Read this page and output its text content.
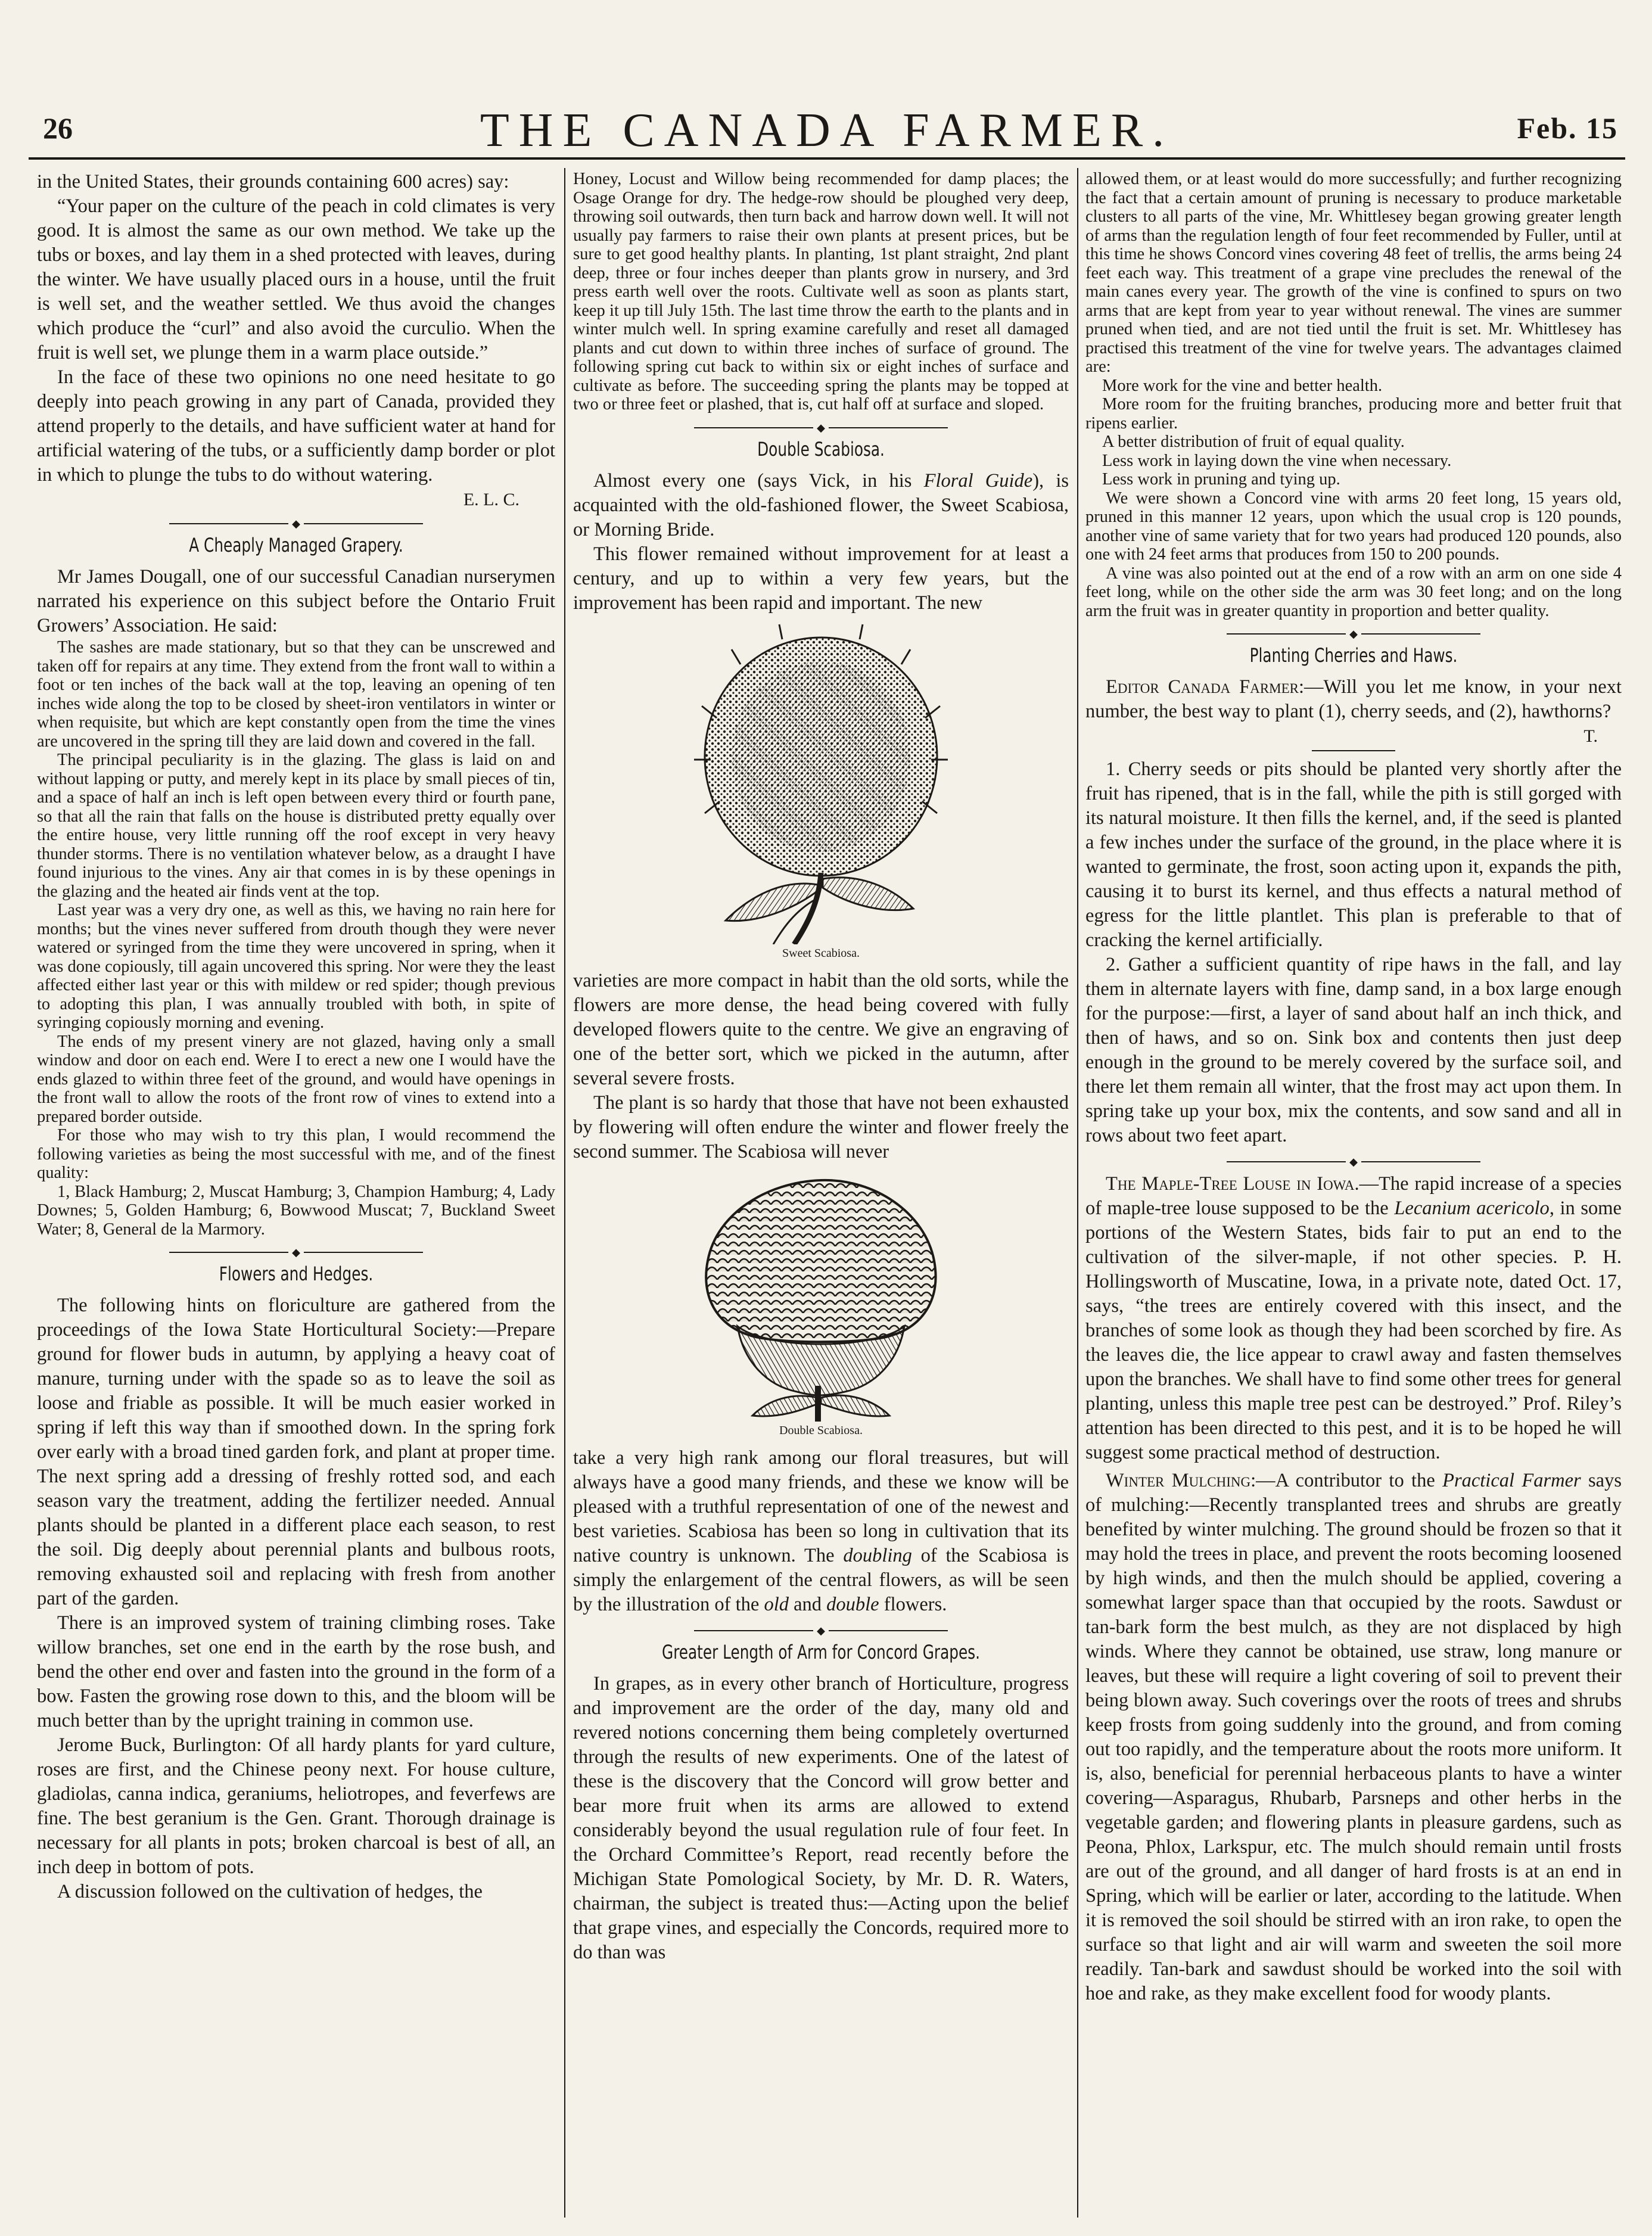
26	THE CANADA FARMER.	Feb. 15

in the United States, their grounds containing 600 acres) say:

“Your paper on the culture of the peach in cold climates is very good. It is almost the same as our own method. We take up the tubs or boxes, and lay them in a shed protected with leaves, during the winter. We have usually placed ours in a house, until the fruit is well set, and the weather settled. We thus avoid the changes which produce the “curl” and also avoid the curculio. When the fruit is well set, we plunge them in a warm place outside.”

In the face of these two opinions no one need hesitate to go deeply into peach growing in any part of Canada, provided they attend properly to the details, and have sufficient water at hand for artificial watering of the tubs, or a sufficiently damp border or plot in which to plunge the tubs to do without watering.

E. L. C.
◆
A Cheaply Managed Grapery.

Mr James Dougall, one of our successful Canadian nurserymen narrated his experience on this subject before the Ontario Fruit Growers’ Association. He said:

The sashes are made stationary, but so that they can be unscrewed and taken off for repairs at any time. They extend from the front wall to within a foot or ten inches of the back wall at the top, leaving an opening of ten inches wide along the top to be closed by sheet-iron ventilators in winter or when requisite, but which are kept constantly open from the time the vines are uncovered in the spring till they are laid down and covered in the fall.

The principal peculiarity is in the glazing. The glass is laid on and without lapping or putty, and merely kept in its place by small pieces of tin, and a space of half an inch is left open between every third or fourth pane, so that all the rain that falls on the house is distributed pretty equally over the entire house, very little running off the roof except in very heavy thunder storms. There is no ventilation whatever below, as a draught I have found injurious to the vines. Any air that comes in is by these openings in the glazing and the heated air finds vent at the top.

Last year was a very dry one, as well as this, we having no rain here for months; but the vines never suffered from drouth though they were never watered or syringed from the time they were uncovered in spring, when it was done copiously, till again uncovered this spring. Nor were they the least affected either last year or this with mildew or red spider; though previous to adopting this plan, I was annually troubled with both, in spite of syringing copiously morning and evening.

The ends of my present vinery are not glazed, having only a small window and door on each end. Were I to erect a new one I would have the ends glazed to within three feet of the ground, and would have openings in the front wall to allow the roots of the front row of vines to extend into a prepared border outside.

For those who may wish to try this plan, I would recommend the following varieties as being the most successful with me, and of the finest quality:

1, Black Hamburg; 2, Muscat Hamburg; 3, Champion Hamburg; 4, Lady Downes; 5, Golden Hamburg; 6, Bowwood Muscat; 7, Buckland Sweet Water; 8, General de la Marmory.

◆
Flowers and Hedges.

The following hints on floriculture are gathered from the proceedings of the Iowa State Horticultural Society:—Prepare ground for flower buds in autumn, by applying a heavy coat of manure, turning under with the spade so as to leave the soil as loose and friable as possible. It will be much easier worked in spring if left this way than if smoothed down. In the spring fork over early with a broad tined garden fork, and plant at proper time. The next spring add a dressing of freshly rotted sod, and each season vary the treatment, adding the fertilizer needed. Annual plants should be planted in a different place each season, to rest the soil. Dig deeply about perennial plants and bulbous roots, removing exhausted soil and replacing with fresh from another part of the garden.

There is an improved system of training climbing roses. Take willow branches, set one end in the earth by the rose bush, and bend the other end over and fasten into the ground in the form of a bow. Fasten the growing rose down to this, and the bloom will be much better than by the upright training in common use.

Jerome Buck, Burlington: Of all hardy plants for yard culture, roses are first, and the Chinese peony next. For house culture, gladiolas, canna indica, geraniums, heliotropes, and feverfews are fine. The best geranium is the Gen. Grant. Thorough drainage is necessary for all plants in pots; broken charcoal is best of all, an inch deep in bottom of pots.

A discussion followed on the cultivation of hedges, the

Honey, Locust and Willow being recommended for damp places; the Osage Orange for dry. The hedge-row should be ploughed very deep, throwing soil outwards, then turn back and harrow down well. It will not usually pay farmers to raise their own plants at present prices, but be sure to get good healthy plants. In planting, 1st plant straight, 2nd plant deep, three or four inches deeper than plants grow in nursery, and 3rd press earth well over the roots. Cultivate well as soon as plants start, keep it up till July 15th. The last time throw the earth to the plants and in winter mulch well. In spring examine carefully and reset all damaged plants and cut down to within three inches of surface of ground. The following spring cut back to within six or eight inches of surface and cultivate as before. The succeeding spring the plants may be topped at two or three feet or plashed, that is, cut half off at surface and sloped.

◆
Double Scabiosa.

Almost every one (says Vick, in his Floral Guide), is acquainted with the old-fashioned flower, the Sweet Scabiosa, or Morning Bride.

This flower remained without improvement for at least a century, and up to within a very few years, but the improvement has been rapid and important. The new

Sweet Scabiosa.

varieties are more compact in habit than the old sorts, while the flowers are more dense, the head being covered with fully developed flowers quite to the centre. We give an engraving of one of the better sort, which we picked in the autumn, after several severe frosts.

The plant is so hardy that those that have not been exhausted by flowering will often endure the winter and flower freely the second summer. The Scabiosa will never

Double Scabiosa.

take a very high rank among our floral treasures, but will always have a good many friends, and these we know will be pleased with a truthful representation of one of the newest and best varieties. Scabiosa has been so long in cultivation that its native country is unknown. The doubling of the Scabiosa is simply the enlargement of the central flowers, as will be seen by the illustration of the old and double flowers.

◆
Greater Length of Arm for Concord Grapes.

In grapes, as in every other branch of Horticulture, progress and improvement are the order of the day, many old and revered notions concerning them being completely overturned through the results of new experiments. One of the latest of these is the discovery that the Concord will grow better and bear more fruit when its arms are allowed to extend considerably beyond the usual regulation rule of four feet. In the Orchard Committee’s Report, read recently before the Michigan State Pomological Society, by Mr. D. R. Waters, chairman, the subject is treated thus:—Acting upon the belief that grape vines, and especially the Concords, required more to do than was

allowed them, or at least would do more successfully; and further recognizing the fact that a certain amount of pruning is necessary to produce marketable clusters to all parts of the vine, Mr. Whittlesey began growing greater length of arms than the regulation length of four feet recommended by Fuller, until at this time he shows Concord vines covering 48 feet of trellis, the arms being 24 feet each way. This treatment of a grape vine precludes the renewal of the main canes every year. The growth of the vine is confined to spurs on two arms that are kept from year to year without renewal. The vines are summer pruned when tied, and are not tied until the fruit is set. Mr. Whittlesey has practised this treatment of the vine for twelve years. The advantages claimed are:

More work for the vine and better health.

More room for the fruiting branches, producing more and better fruit that ripens earlier.

A better distribution of fruit of equal quality.

Less work in laying down the vine when necessary.

Less work in pruning and tying up.

We were shown a Concord vine with arms 20 feet long, 15 years old, pruned in this manner 12 years, upon which the usual crop is 120 pounds, another vine of same variety that for two years had produced 120 pounds, also one with 24 feet arms that produces from 150 to 200 pounds.

A vine was also pointed out at the end of a row with an arm on one side 4 feet long, while on the other side the arm was 30 feet long; and on the long arm the fruit was in greater quantity in proportion and better quality.

◆
Planting Cherries and Haws.

Editor Canada Farmer:—Will you let me know, in your next number, the best way to plant (1), cherry seeds, and (2), hawthorns?

T.

1. Cherry seeds or pits should be planted very shortly after the fruit has ripened, that is in the fall, while the pith is still gorged with its natural moisture. It then fills the kernel, and, if the seed is planted a few inches under the surface of the ground, in the place where it is wanted to germinate, the frost, soon acting upon it, expands the pith, causing it to burst its kernel, and thus effects a natural method of egress for the little plantlet. This plan is preferable to that of cracking the kernel artificially.

2. Gather a sufficient quantity of ripe haws in the fall, and lay them in alternate layers with fine, damp sand, in a box large enough for the purpose:—first, a layer of sand about half an inch thick, and then of haws, and so on. Sink box and contents then just deep enough in the ground to be merely covered by the surface soil, and there let them remain all winter, that the frost may act upon them. In spring take up your box, mix the contents, and sow sand and all in rows about two feet apart.

◆

The Maple-Tree Louse in Iowa.—The rapid increase of a species of maple-tree louse supposed to be the Lecanium acericolo, in some portions of the Western States, bids fair to put an end to the cultivation of the silver-maple, if not other species. P. H. Hollingsworth of Muscatine, Iowa, in a private note, dated Oct. 17, says, “the trees are entirely covered with this insect, and the branches of some look as though they had been scorched by fire. As the leaves die, the lice appear to crawl away and fasten themselves upon the branches. We shall have to find some other trees for general planting, unless this maple tree pest can be destroyed.” Prof. Riley’s attention has been directed to this pest, and it is to be hoped he will suggest some practical method of destruction.

Winter Mulching:—A contributor to the Practical Farmer says of mulching:—Recently transplanted trees and shrubs are greatly benefited by winter mulching. The ground should be frozen so that it may hold the trees in place, and prevent the roots becoming loosened by high winds, and then the mulch should be applied, covering a somewhat larger space than that occupied by the roots. Sawdust or tan-bark form the best mulch, as they are not displaced by high winds. Where they cannot be obtained, use straw, long manure or leaves, but these will require a light covering of soil to prevent their being blown away. Such coverings over the roots of trees and shrubs keep frosts from going suddenly into the ground, and from coming out too rapidly, and the temperature about the roots more uniform. It is, also, beneficial for perennial herbaceous plants to have a winter covering—Asparagus, Rhubarb, Parsneps and other herbs in the vegetable garden; and flowering plants in pleasure gardens, such as Peona, Phlox, Larkspur, etc. The mulch should remain until frosts are out of the ground, and all danger of hard frosts is at an end in Spring, which will be earlier or later, according to the latitude. When it is removed the soil should be stirred with an iron rake, to open the surface so that light and air will warm and sweeten the soil more readily. Tan-bark and sawdust should be worked into the soil with hoe and rake, as they make excellent food for woody plants.
